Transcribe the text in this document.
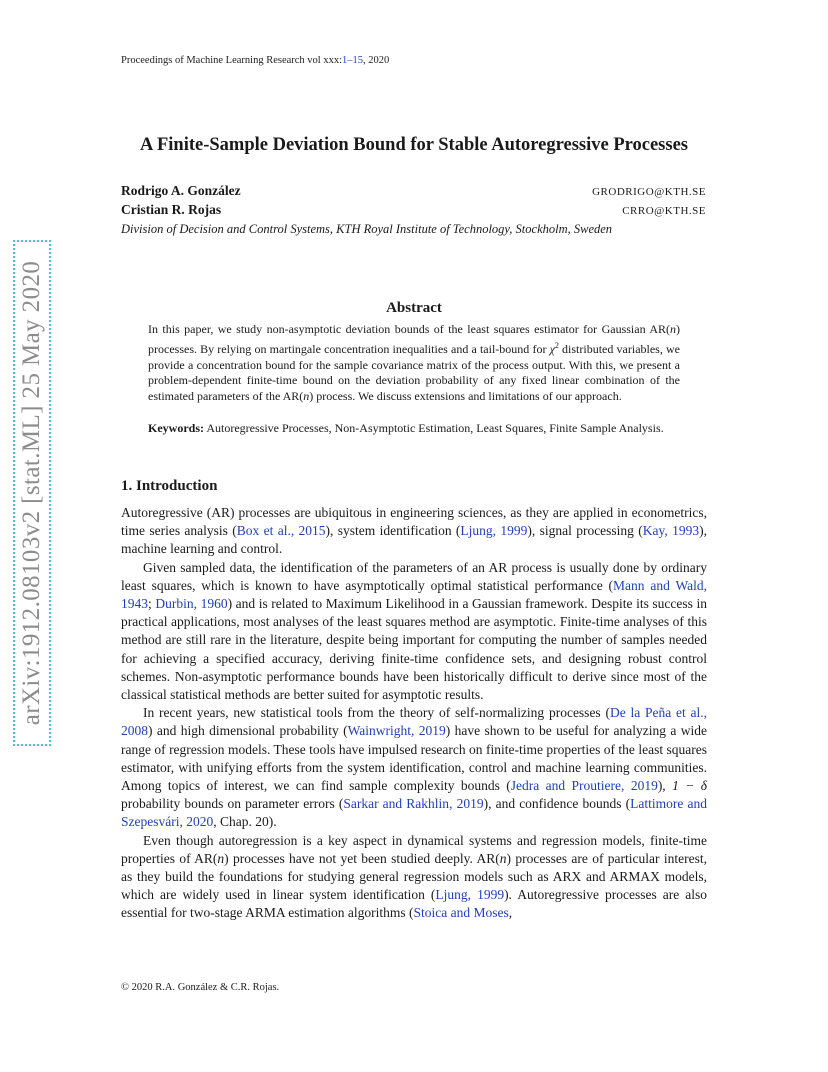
arXiv:1912.08103v2 [stat.ML] 25 May 2020
Proceedings of Machine Learning Research vol xxx:1–15, 2020
A Finite-Sample Deviation Bound for Stable Autoregressive Processes
Rodrigo A. González	GRODRIGO@KTH.SE
Cristian R. Rojas	CRRO@KTH.SE
Division of Decision and Control Systems, KTH Royal Institute of Technology, Stockholm, Sweden
Abstract
In this paper, we study non-asymptotic deviation bounds of the least squares estimator for Gaussian AR(n) processes. By relying on martingale concentration inequalities and a tail-bound for $\chi^2$ distributed variables, we provide a concentration bound for the sample covariance matrix of the process output. With this, we present a problem-dependent finite-time bound on the deviation probability of any fixed linear combination of the estimated parameters of the AR(n) process. We discuss extensions and limitations of our approach.
Keywords: Autoregressive Processes, Non-Asymptotic Estimation, Least Squares, Finite Sample Analysis.
1. Introduction

Autoregressive (AR) processes are ubiquitous in engineering sciences, as they are applied in econometrics, time series analysis (Box et al., 2015), system identification (Ljung, 1999), signal processing (Kay, 1993), machine learning and control.

Given sampled data, the identification of the parameters of an AR process is usually done by ordinary least squares, which is known to have asymptotically optimal statistical performance (Mann and Wald, 1943; Durbin, 1960) and is related to Maximum Likelihood in a Gaussian framework. Despite its success in practical applications, most analyses of the least squares method are asymptotic. Finite-time analyses of this method are still rare in the literature, despite being important for computing the number of samples needed for achieving a specified accuracy, deriving finite-time confidence sets, and designing robust control schemes. Non-asymptotic performance bounds have been historically difficult to derive since most of the classical statistical methods are better suited for asymptotic results.

In recent years, new statistical tools from the theory of self-normalizing processes (De la Peña et al., 2008) and high dimensional probability (Wainwright, 2019) have shown to be useful for analyzing a wide range of regression models. These tools have impulsed research on finite-time properties of the least squares estimator, with unifying efforts from the system identification, control and machine learning communities. Among topics of interest, we can find sample complexity bounds (Jedra and Proutiere, 2019), 1 − δ probability bounds on parameter errors (Sarkar and Rakhlin, 2019), and confidence bounds (Lattimore and Szepesvári, 2020, Chap. 20).

Even though autoregression is a key aspect in dynamical systems and regression models, finite-time properties of AR(n) processes have not yet been studied deeply. AR(n) processes are of particular interest, as they build the foundations for studying general regression models such as ARX and ARMAX models, which are widely used in linear system identification (Ljung, 1999). Autoregressive processes are also essential for two-stage ARMA estimation algorithms (Stoica and Moses,

© 2020 R.A. González & C.R. Rojas.
